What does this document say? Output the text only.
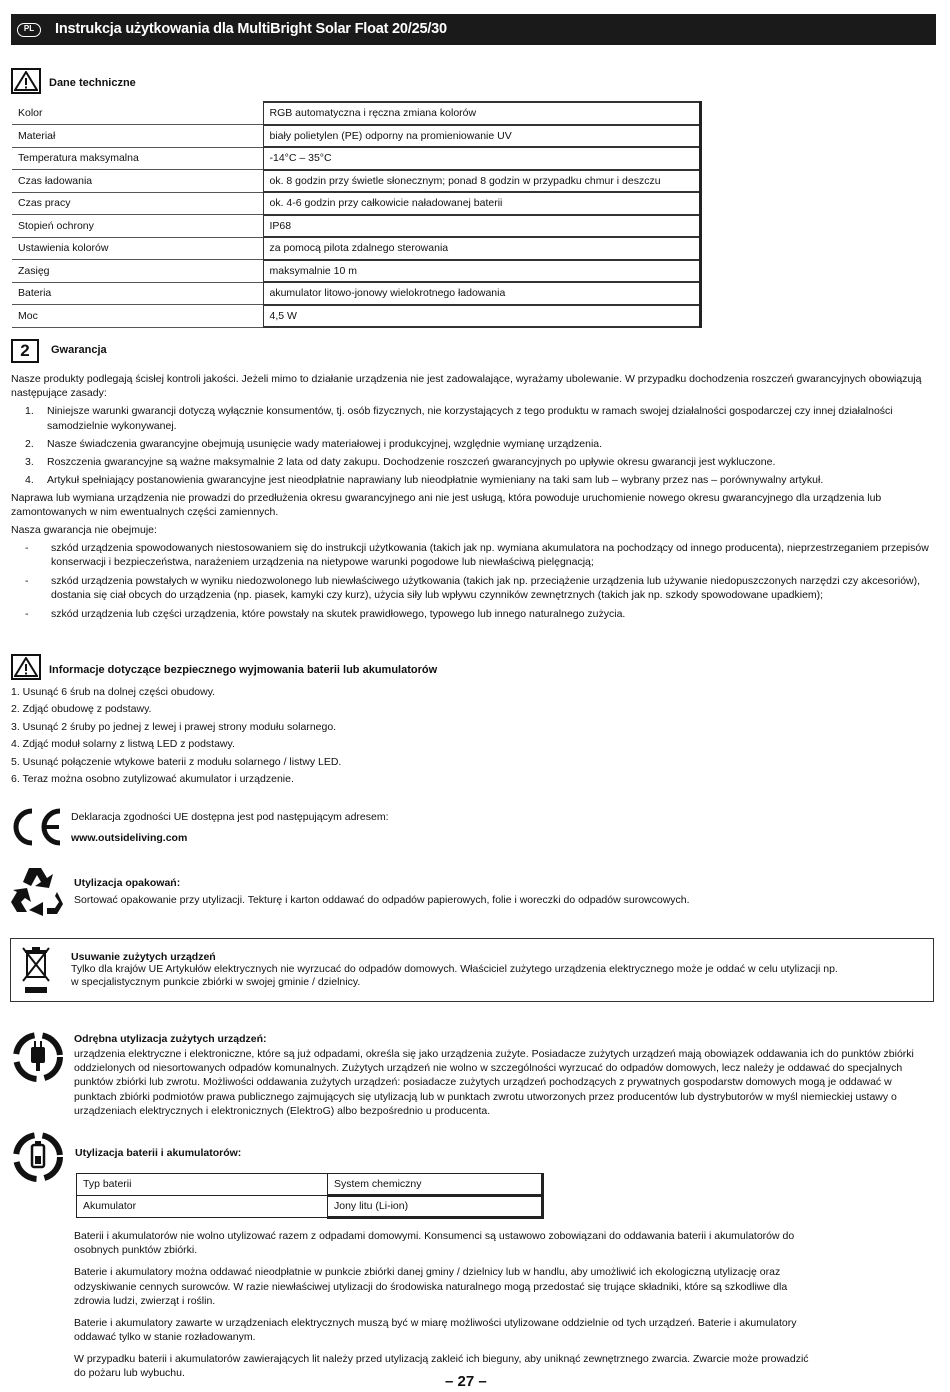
PL	Instrukcja użytkowania dla MultiBright Solar Float 20/25/30
Dane techniczne
Kolor	RGB automatyczna i ręczna zmiana kolorów
Materiał	biały polietylen (PE) odporny na promieniowanie UV
Temperatura maksymalna	-14°C – 35°C
Czas ładowania	ok. 8 godzin przy świetle słonecznym; ponad 8 godzin w przypadku chmur i deszczu
Czas pracy	ok. 4-6 godzin przy całkowicie naładowanej baterii
Stopień ochrony	IP68
Ustawienia kolorów	za pomocą pilota zdalnego sterowania
Zasięg	maksymalnie 10 m
Bateria	akumulator litowo-jonowy wielokrotnego ładowania
Moc	4,5 W
2	Gwarancja

Nasze produkty podlegają ścisłej kontroli jakości. Jeżeli mimo to działanie urządzenia nie jest zadowalające, wyrażamy ubolewanie. W przypadku dochodzenia roszczeń gwarancyjnych obowiązują następujące zasady:

1.	Niniejsze warunki gwarancji dotyczą wyłącznie konsumentów, tj. osób fizycznych, nie korzystających z tego produktu w ramach swojej działalności gospodarczej czy innej działalności samodzielnie wykonywanej.
2.	Nasze świadczenia gwarancyjne obejmują usunięcie wady materiałowej i produkcyjnej, względnie wymianę urządzenia.
3.	Roszczenia gwarancyjne są ważne maksymalnie 2 lata od daty zakupu. Dochodzenie roszczeń gwarancyjnych po upływie okresu gwarancji jest wykluczone.
4.	Artykuł spełniający postanowienia gwarancyjne jest nieodpłatnie naprawiany lub nieodpłatnie wymieniany na taki sam lub – wybrany przez nas – porównywalny artykuł.

Naprawa lub wymiana urządzenia nie prowadzi do przedłużenia okresu gwarancyjnego ani nie jest usługą, która powoduje uruchomienie nowego okresu gwarancyjnego dla urządzenia lub zamontowanych w nim ewentualnych części zamiennych.

Nasza gwarancja nie obejmuje:

-	szkód urządzenia spowodowanych niestosowaniem się do instrukcji użytkowania (takich jak np. wymiana akumulatora na pochodzący od innego producenta), nieprzestrzeganiem przepisów konserwacji i bezpieczeństwa, narażeniem urządzenia na nietypowe warunki pogodowe lub niewłaściwą pielęgnacją;
-	szkód urządzenia powstałych w wyniku niedozwolonego lub niewłaściwego użytkowania (takich jak np. przeciążenie urządzenia lub używanie niedopuszczonych narzędzi czy akcesoriów), dostania się ciał obcych do urządzenia (np. piasek, kamyki czy kurz), użycia siły lub wpływu czynników zewnętrznych (takich jak np. szkody spowodowane upadkiem);
-	szkód urządzenia lub części urządzenia, które powstały na skutek prawidłowego, typowego lub innego naturalnego zużycia.
Informacje dotyczące bezpiecznego wyjmowania baterii lub akumulatorów
1. Usunąć 6 śrub na dolnej części obudowy.
2. Zdjąć obudowę z podstawy.
3. Usunąć 2 śruby po jednej z lewej i prawej strony modułu solarnego.
4. Zdjąć moduł solarny z listwą LED z podstawy.
5. Usunąć połączenie wtykowe baterii z modułu solarnego / listwy LED.
6. Teraz można osobno zutylizować akumulator i urządzenie.
Deklaracja zgodności UE dostępna jest pod następującym adresem:
www.outsideliving.com
Utylizacja opakowań:
Sortować opakowanie przy utylizacji. Tekturę i karton oddawać do odpadów papierowych, folie i woreczki do odpadów surowcowych.
Usuwanie zużytych urządzeń
Tylko dla krajów UE Artykułów elektrycznych nie wyrzucać do odpadów domowych. Właściciel zużytego urządzenia elektrycznego może je oddać w celu utylizacji np.
w specjalistycznym punkcie zbiórki w swojej gminie / dzielnicy.
Odrębna utylizacja zużytych urządzeń:
urządzenia elektryczne i elektroniczne, które są już odpadami, określa się jako urządzenia zużyte. Posiadacze zużytych urządzeń mają obowiązek oddawania ich do punktów zbiórki oddzielonych od niesortowanych odpadów komunalnych. Zużytych urządzeń nie wolno w szczególności wyrzucać do odpadów domowych, lecz należy je oddawać do specjalnych punktów zbiórki lub zwrotu. Możliwości oddawania zużytych urządzeń: posiadacze zużytych urządzeń pochodzących z prywatnych gospodarstw domowych mogą je oddawać w punktach zbiórki podmiotów prawa publicznego zajmujących się utylizacją lub w punktach zwrotu utworzonych przez producentów lub dystrybutorów w myśl niemieckiej ustawy o urządzeniach elektrycznych i elektronicznych (ElektroG) albo bezpośrednio u producenta.
Utylizacja baterii i akumulatorów:
Typ baterii	System chemiczny
Akumulator	Jony litu (Li-ion)

Baterii i akumulatorów nie wolno utylizować razem z odpadami domowymi. Konsumenci są ustawowo zobowiązani do oddawania baterii i akumulatorów do osobnych punktów zbiórki.

Baterie i akumulatory można oddawać nieodpłatnie w punkcie zbiórki danej gminy / dzielnicy lub w handlu, aby umożliwić ich ekologiczną utylizację oraz odzyskiwanie cennych surowców. W razie niewłaściwej utylizacji do środowiska naturalnego mogą przedostać się trujące składniki, które są szkodliwe dla zdrowia ludzi, zwierząt i roślin.

Baterie i akumulatory zawarte w urządzeniach elektrycznych muszą być w miarę możliwości utylizowane oddzielnie od tych urządzeń. Baterie i akumulatory oddawać tylko w stanie rozładowanym.

W przypadku baterii i akumulatorów zawierających lit należy przed utylizacją zakleić ich bieguny, aby uniknąć zewnętrznego zwarcia. Zwarcie może prowadzić do pożaru lub wybuchu.	– 27 –
